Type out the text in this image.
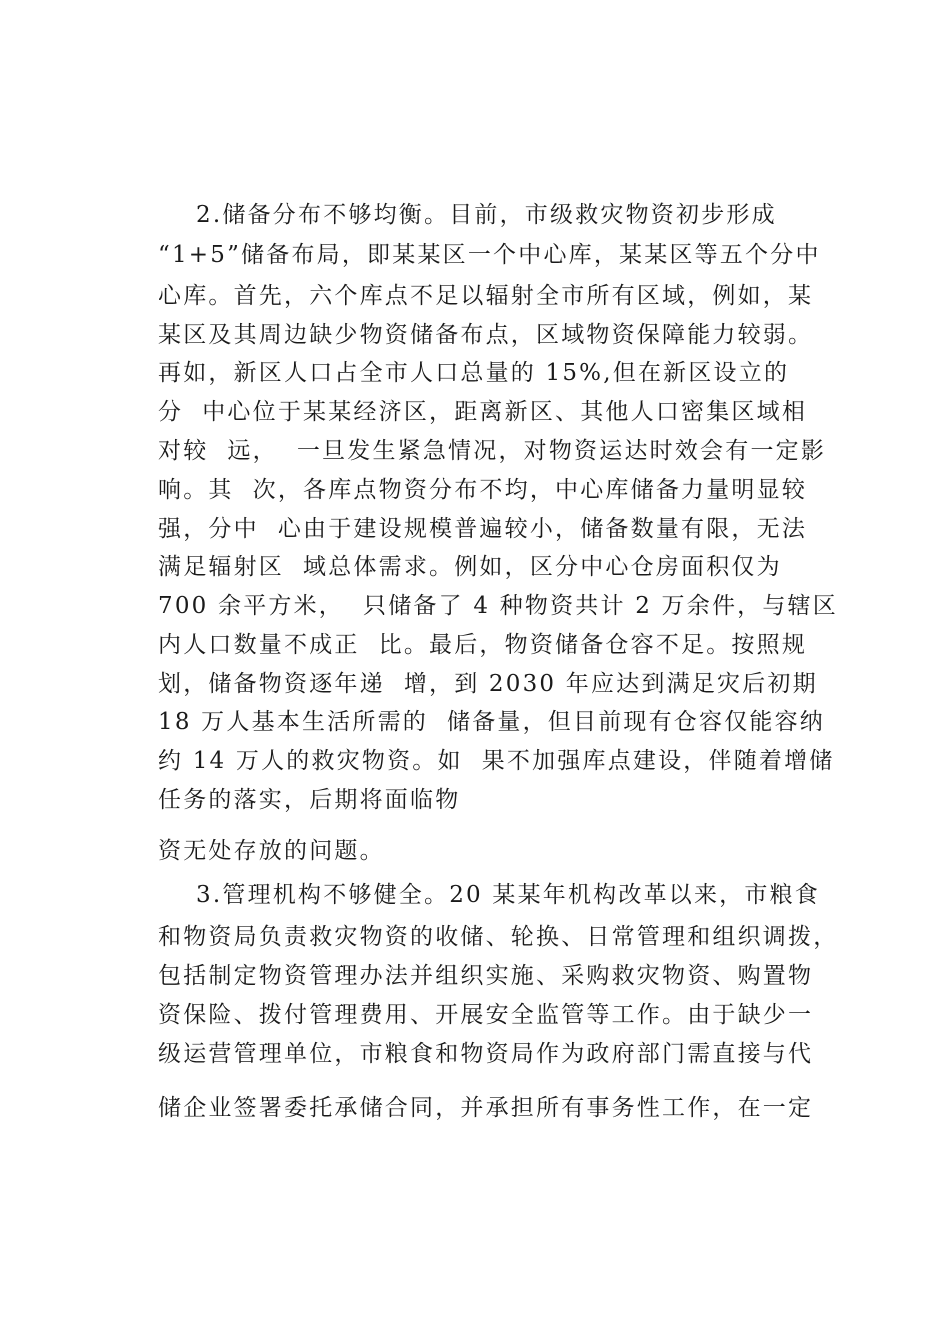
2.储备分布不够均衡。目前，市级救灾物资初步形成
“1+5”储备布局，即某某区一个中心库，某某区等五个分中
心库。首先，六个库点不足以辐射全市所有区域，例如，某
某区及其周边缺少物资储备布点，区域物资保障能力较弱。
再如，新区人口占全市人口总量的 15%,但在新区设立的
分  中心位于某某经济区，距离新区、其他人口密集区域相
对较  远，  一旦发生紧急情况，对物资运达时效会有一定影
响。其  次，各库点物资分布不均，中心库储备力量明显较
强，分中  心由于建设规模普遍较小，储备数量有限，无法
满足辐射区  域总体需求。例如，区分中心仓房面积仅为
700 余平方米，  只储备了 4 种物资共计 2 万余件，与辖区
内人口数量不成正  比。最后，物资储备仓容不足。按照规
划，储备物资逐年递  增，到 2030 年应达到满足灾后初期
18 万人基本生活所需的  储备量，但目前现有仓容仅能容纳
约 14 万人的救灾物资。如  果不加强库点建设，伴随着增储
任务的落实，后期将面临物
资无处存放的问题。
3.管理机构不够健全。20 某某年机构改革以来，市粮食
和物资局负责救灾物资的收储、轮换、日常管理和组织调拨，
包括制定物资管理办法并组织实施、采购救灾物资、购置物
资保险、拨付管理费用、开展安全监管等工作。由于缺少一
级运营管理单位，市粮食和物资局作为政府部门需直接与代
储企业签署委托承储合同，并承担所有事务性工作，在一定
